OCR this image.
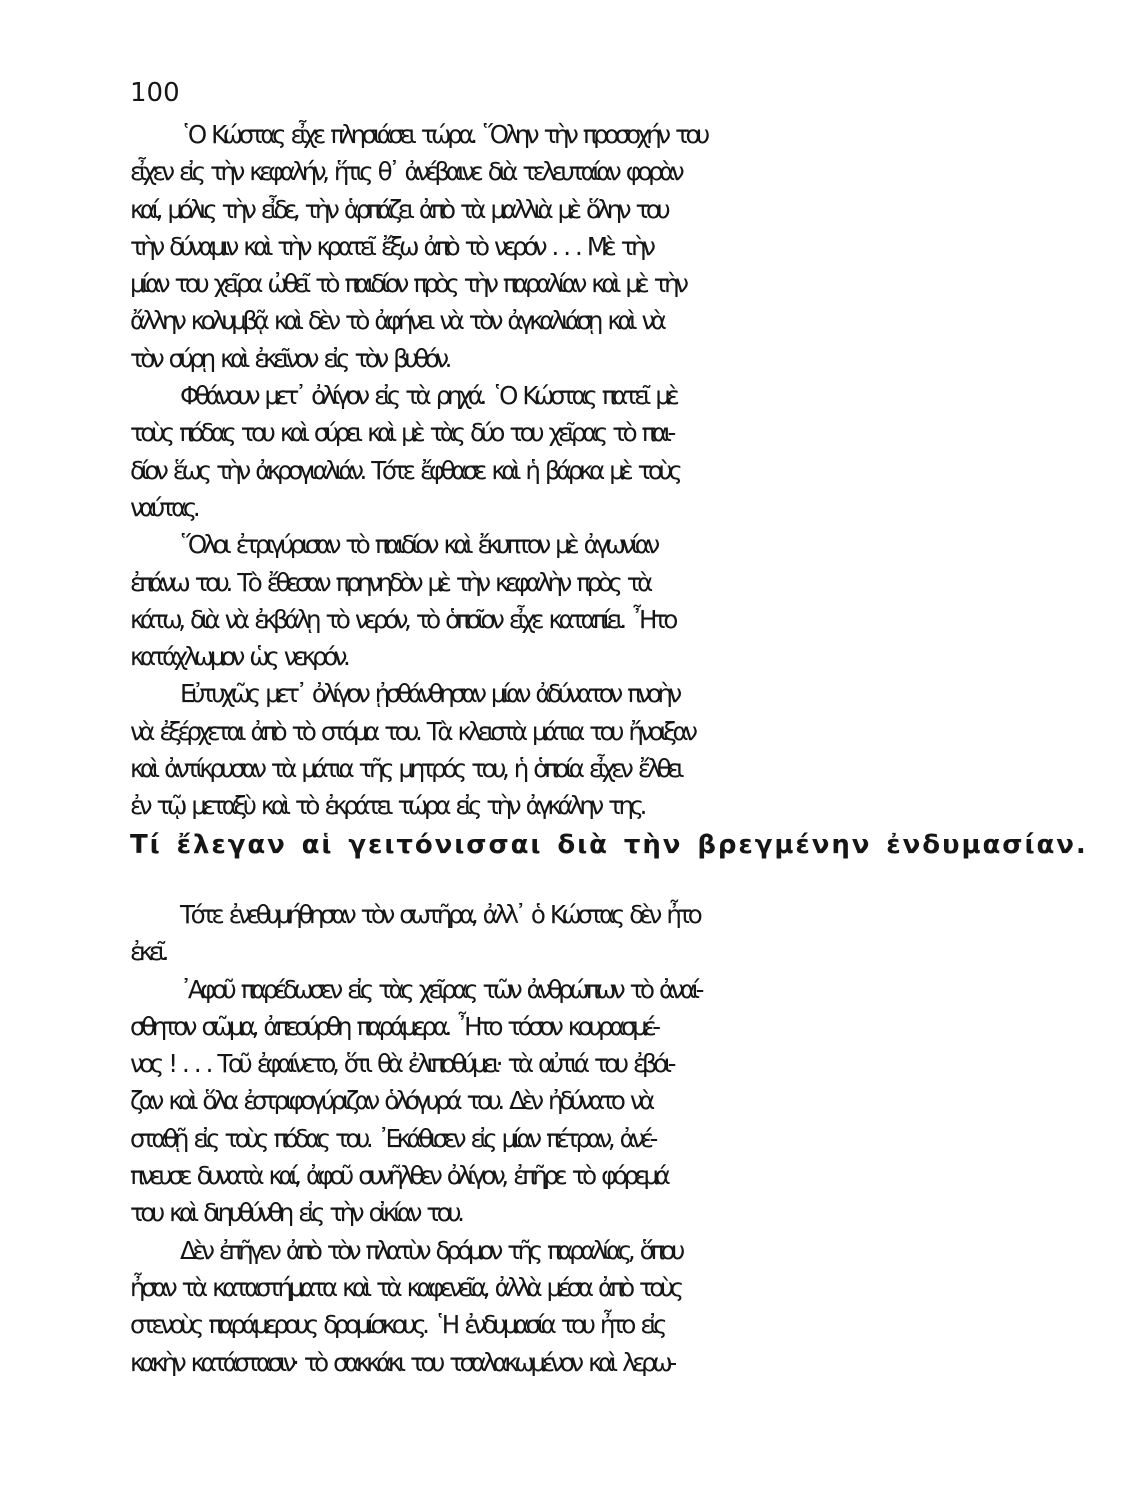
100
῾Ο Κώστας εἶχε πλησιάσει τώρα. ῞Ολην τὴν προσοχήν του
εἶχεν εἰς τὴν κεφαλήν, ἥτις θ᾿ ἀνέβαινε διὰ τελευταίαν φορὰν
καί, μόλις τὴν εἶδε, τὴν ἁρπάζει ἀπὸ τὰ μαλλιὰ μὲ ὅλην του
τὴν δύναμιν καὶ τὴν κρατεῖ ἔξω ἀπὸ τὸ νερόν . . . Μὲ τὴν
μίαν του χεῖρα ὠθεῖ τὸ παιδίον πρὸς τὴν παραλίαν καὶ μὲ τὴν
ἄλλην κολυμβᾷ καὶ δὲν τὸ ἀφήνει νὰ τὸν ἀγκαλιάσῃ καὶ νὰ
τὸν σύρῃ καὶ ἐκεῖνον εἰς τὸν βυθόν.
Φθάνουν μετ᾿ ὀλίγον εἰς τὰ ρηχά. ῾Ο Κώστας πατεῖ μὲ
τοὺς πόδας του καὶ σύρει καὶ μὲ τὰς δύο του χεῖρας τὸ παι-
δίον ἕως τὴν ἀκρογιαλιάν. Τότε ἔφθασε καὶ ἡ βάρκα μὲ τοὺς
ναύτας.
῞Ολοι ἐτριγύρισαν τὸ παιδίον καὶ ἔκυπτον μὲ ἀγωνίαν
ἐπάνω του. Τὸ ἔθεσαν πρηνηδὸν μὲ τὴν κεφαλὴν πρὸς τὰ
κάτω, διὰ νὰ ἐκβάλῃ τὸ νερόν, τὸ ὁποῖον εἶχε καταπίει. ῏Ητο
κατάχλωμον ὡς νεκρόν.
Εὐτυχῶς μετ᾿ ὀλίγον ᾐσθάνθησαν μίαν ἀδύνατον πνοὴν
νὰ ἐξέρχεται ἀπὸ τὸ στόμα του. Τὰ κλειστὰ μάτια του ἤνοιξαν
καὶ ἀντίκρυσαν τὰ μάτια τῆς μητρός του, ἡ ὁποία εἶχεν ἔλθει
ἐν τῷ μεταξὺ καὶ τὸ ἐκράτει τώρα εἰς τὴν ἀγκάλην της.
Τί ἔλεγαν αἱ γειτόνισσαι διὰ τὴν βρεγμένην ἐνδυμασίαν.
Τότε ἐνεθυμήθησαν τὸν σωτῆρα, ἀλλ᾿ ὁ Κώστας δὲν ἦτο
ἐκεῖ.
᾿Αφοῦ παρέδωσεν εἰς τὰς χεῖρας τῶν ἀνθρώπων τὸ ἀναί-
σθητον σῶμα, ἀπεσύρθη παράμερα. ῏Ητο τόσον κουρασμέ-
νος ! . . . Τοῦ ἐφαίνετο, ὅτι θὰ ἐλιποθύμει· τὰ αὐτιά του ἐβόι-
ζαν καὶ ὅλα ἐστριφογύριζαν ὁλόγυρά του. Δὲν ἠδύνατο νὰ
σταθῇ εἰς τοὺς πόδας του. ᾿Εκάθισεν εἰς μίαν πέτραν, ἀνέ-
πνευσε δυνατὰ καί, ἀφοῦ συνῆλθεν ὀλίγον, ἐπῆρε τὸ φόρεμά
του καὶ διηυθύνθη εἰς τὴν οἰκίαν του.
Δὲν ἐπῆγεν ἀπὸ τὸν πλατὺν δρόμον τῆς παραλίας, ὅπου
ἦσαν τὰ καταστήματα καὶ τὰ καφενεῖα, ἀλλὰ μέσα ἀπὸ τοὺς
στενοὺς παράμερους δρομίσκους. ῾Η ἐνδυμασία του ἦτο εἰς
κακὴν κατάστασιν· τὸ σακκάκι του τσαλακωμένον καὶ λερω-
